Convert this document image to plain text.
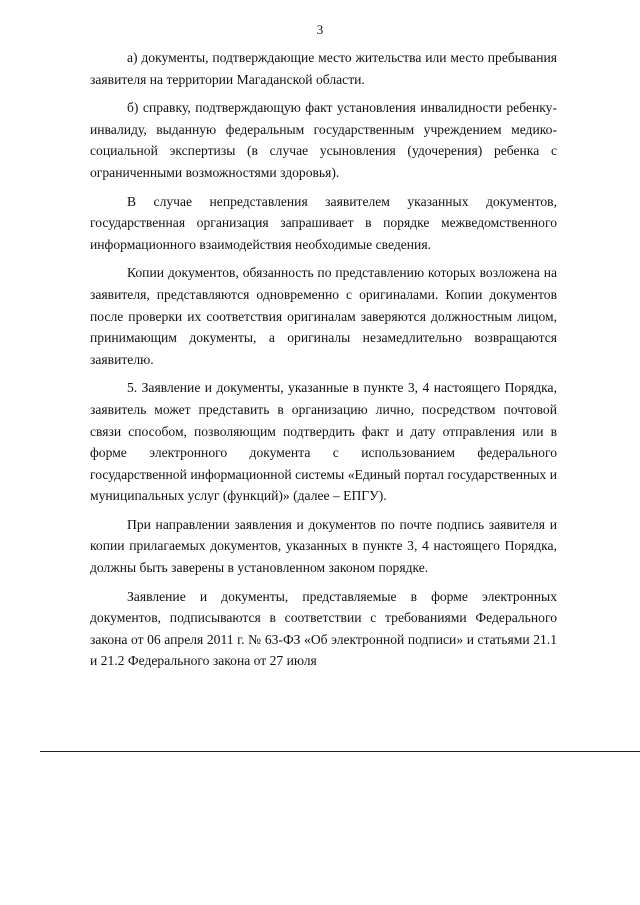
3

а) документы, подтверждающие место жительства или место пребывания заявителя на территории Магаданской области.

б) справку, подтверждающую факт установления инвалидности ребенку-инвалиду, выданную федеральным государственным учреждением медико-социальной экспертизы (в случае усыновления (удочерения) ребенка с ограниченными возможностями здоровья).

В случае непредставления заявителем указанных документов, государственная организация запрашивает в порядке межведомственного информационного взаимодействия необходимые сведения.

Копии документов, обязанность по представлению которых возложена на заявителя, представляются одновременно с оригиналами. Копии документов после проверки их соответствия оригиналам заверяются должностным лицом, принимающим документы, а оригиналы незамедлительно возвращаются заявителю.

5. Заявление и документы, указанные в пункте 3, 4 настоящего Порядка, заявитель может представить в организацию лично, посредством почтовой связи способом, позволяющим подтвердить факт и дату отправления или в форме электронного документа с использованием федерального государственной информационной системы «Единый портал государственных и муниципальных услуг (функций)» (далее – ЕПГУ).

При направлении заявления и документов по почте подпись заявителя и копии прилагаемых документов, указанных в пункте 3, 4 настоящего Порядка, должны быть заверены в установленном законом порядке.

Заявление и документы, представляемые в форме электронных документов, подписываются в соответствии с требованиями Федерального закона от 06 апреля 2011 г. № 63-ФЗ «Об электронной подписи» и статьями 21.1 и 21.2 Федерального закона от 27 июля
